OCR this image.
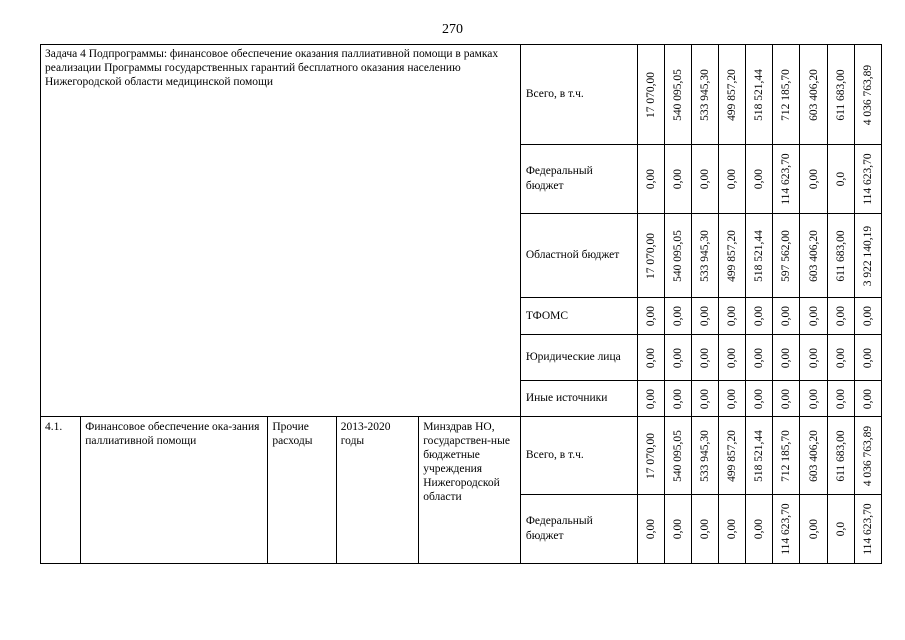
270
Задача 4 Подпрограммы: финансовое обеспечение оказания паллиативной помощи в рамках реализации Программы государственных гарантий бесплатного оказания населению Нижегородской области медицинской помощи					Всего, в т.ч.	17 070,00	540 095,05	533 945,30	499 857,20	518 521,44	712 185,70	603 406,20	611 683,00	4 036 763,89

					Федеральный бюджет	0,00	0,00	0,00	0,00	0,00	114 623,70	0,00	0,0	114 623,70

					Областной бюджет	17 070,00	540 095,05	533 945,30	499 857,20	518 521,44	597 562,00	603 406,20	611 683,00	3 922 140,19

					ТФОМС	0,00	0,00	0,00	0,00	0,00	0,00	0,00	0,00	0,00

					Юридические лица	0,00	0,00	0,00	0,00	0,00	0,00	0,00	0,00	0,00

					Иные источники	0,00	0,00	0,00	0,00	0,00	0,00	0,00	0,00	0,00

4.1.	Финансовое обеспечение ока-зания паллиативной помощи	Прочие расходы	2013-2020 годы	Минздрав НО, государствен-ные бюджетные учреждения Нижегородской области	Всего, в т.ч.	17 070,00	540 095,05	533 945,30	499 857,20	518 521,44	712 185,70	603 406,20	611 683,00	4 036 763,89

					Федеральный бюджет	0,00	0,00	0,00	0,00	0,00	114 623,70	0,00	0,0	114 623,70
